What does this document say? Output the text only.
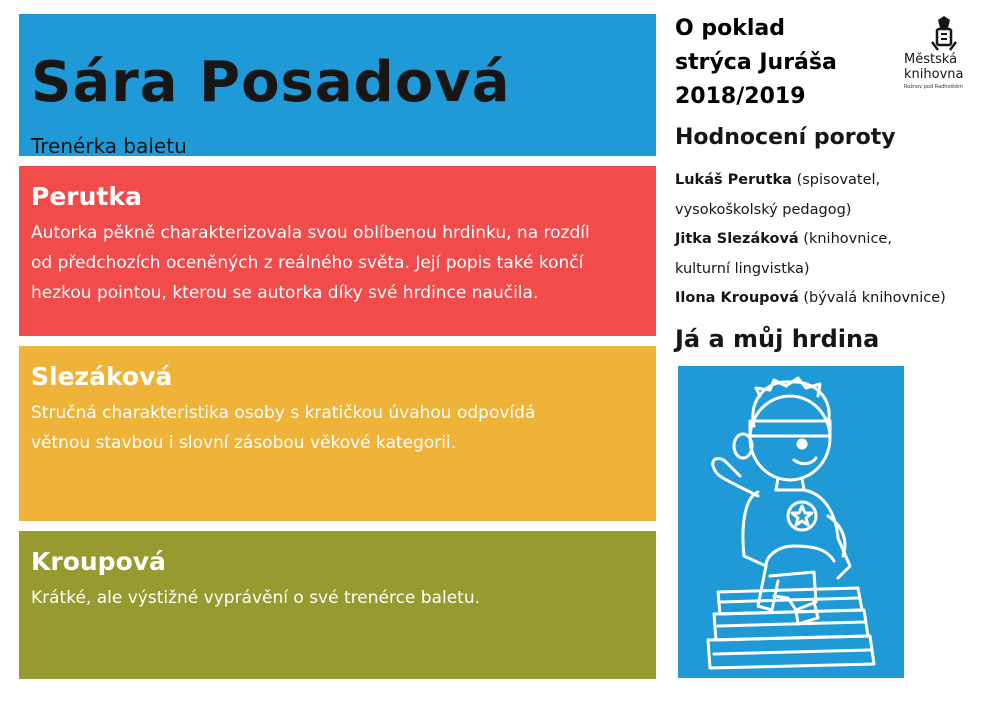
Sára Posadová
Trenérka baletu
Perutka
Autorka pěkně charakterizovala svou oblíbenou hrdinku, na rozdíl
od předchozích oceněných z reálného světa. Její popis také končí
hezkou pointou, kterou se autorka díky své hrdince naučila.
Slezáková
Stručná charakteristika osoby s kratičkou úvahou odpovídá
větnou stavbou i slovní zásobou věkové kategorii.
Kroupová
Krátké, ale výstižné vyprávění o své trenérce baletu.
O poklad
strýca Juráša
2018/2019
Městská
knihovna
Rožnov pod Radhoštěm
Hodnocení poroty
Lukáš Perutka (spisovatel,
vysokoškolský pedagog)
Jitka Slezáková (knihovnice,
kulturní lingvistka)
Ilona Kroupová (bývalá knihovnice)
Já a můj hrdina
